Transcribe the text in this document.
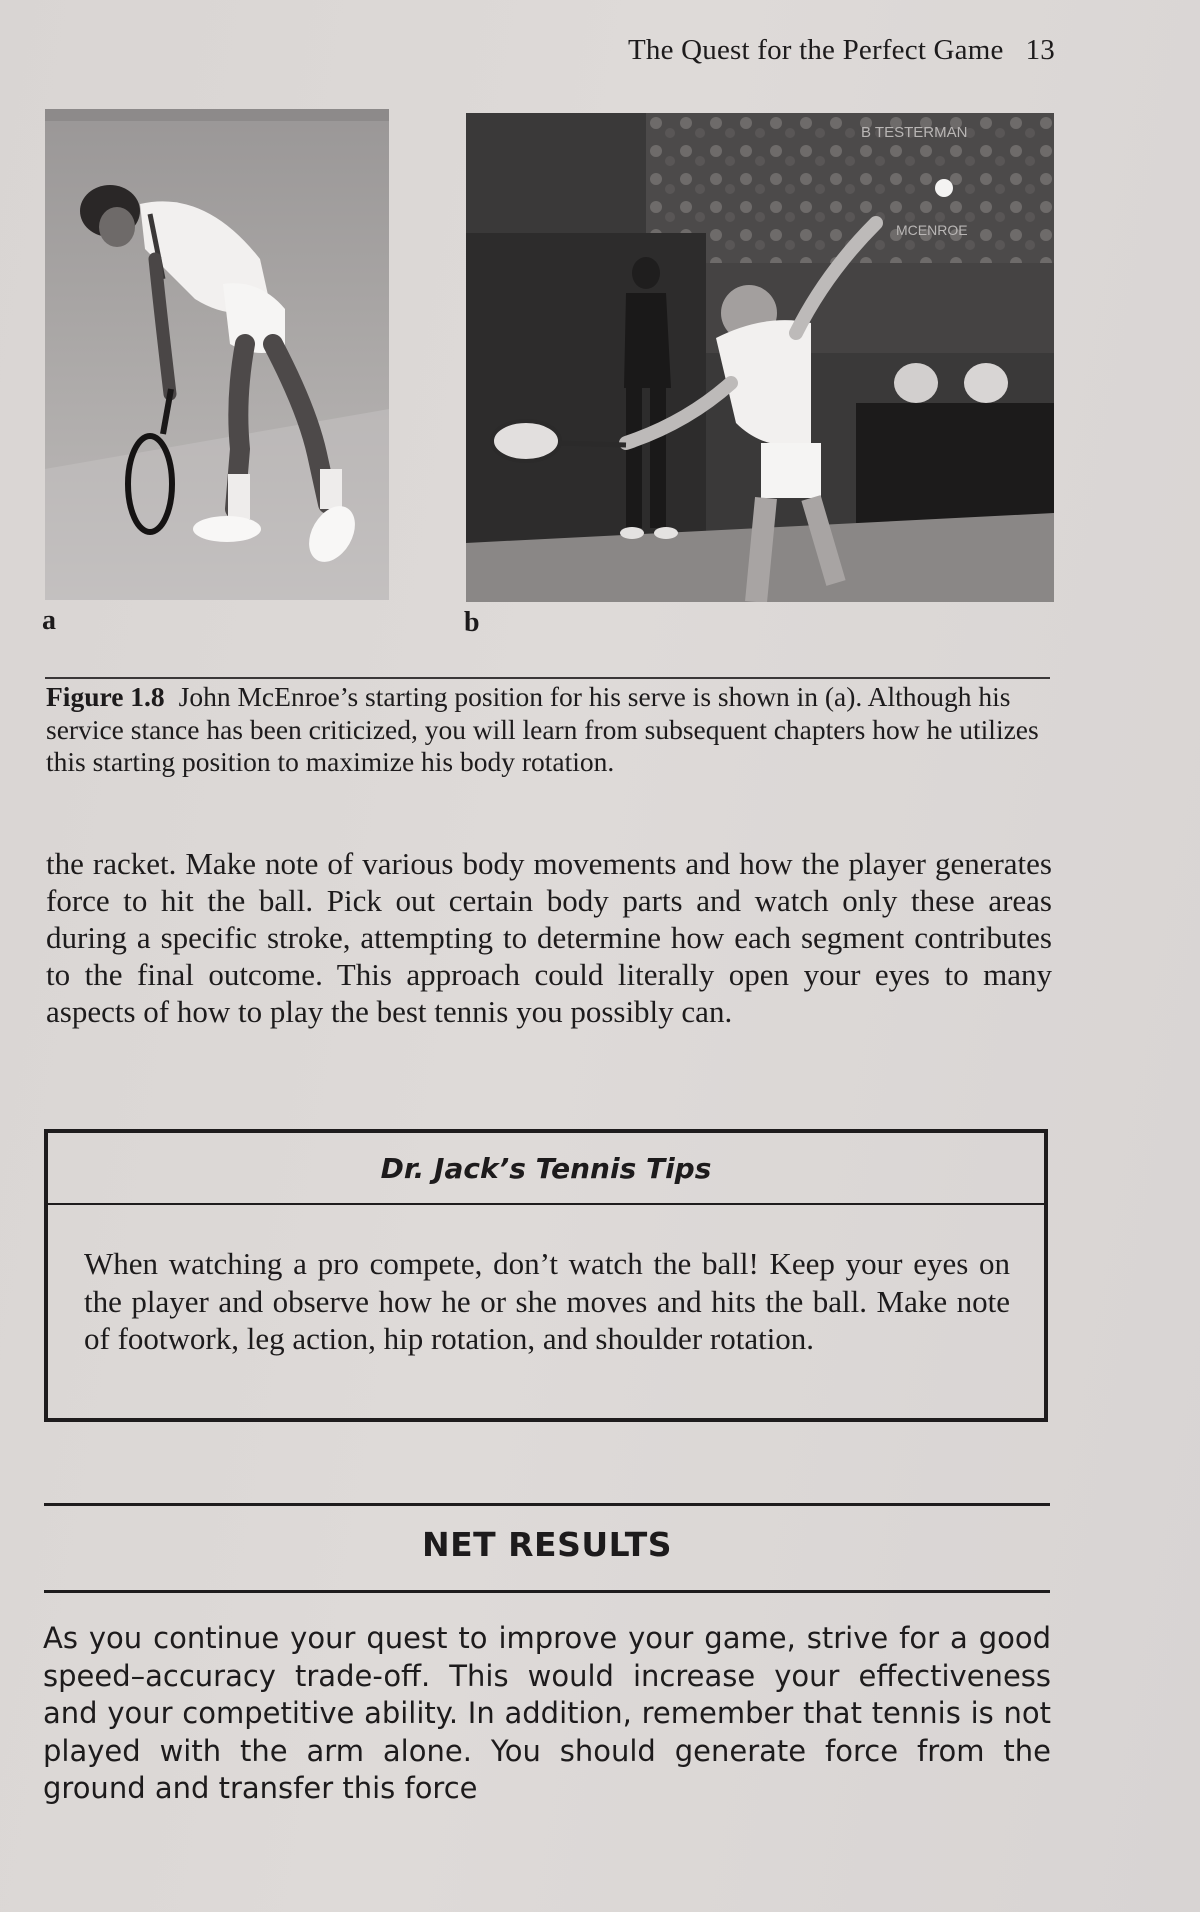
The Quest for the Perfect Game 13
B TESTERMAN
MCENROE
a	b
Figure 1.8 John McEnroe’s starting position for his serve is shown in (a). Although his service stance has been criticized, you will learn from subsequent chapters how he utilizes this starting position to maximize his body rotation.
the racket. Make note of various body movements and how the player generates force to hit the ball. Pick out certain body parts and watch only these areas during a specific stroke, attempting to determine how each segment contributes to the final outcome. This approach could literally open your eyes to many aspects of how to play the best tennis you possibly can.
Dr. Jack’s Tennis Tips
When watching a pro compete, don’t watch the ball! Keep your eyes on the player and observe how he or she moves and hits the ball. Make note of footwork, leg action, hip rotation, and shoulder rotation.
NET RESULTS
As you continue your quest to improve your game, strive for a good speed–accuracy trade-off. This would increase your effectiveness and your competitive ability. In addition, remember that tennis is not played with the arm alone. You should generate force from the ground and transfer this force
